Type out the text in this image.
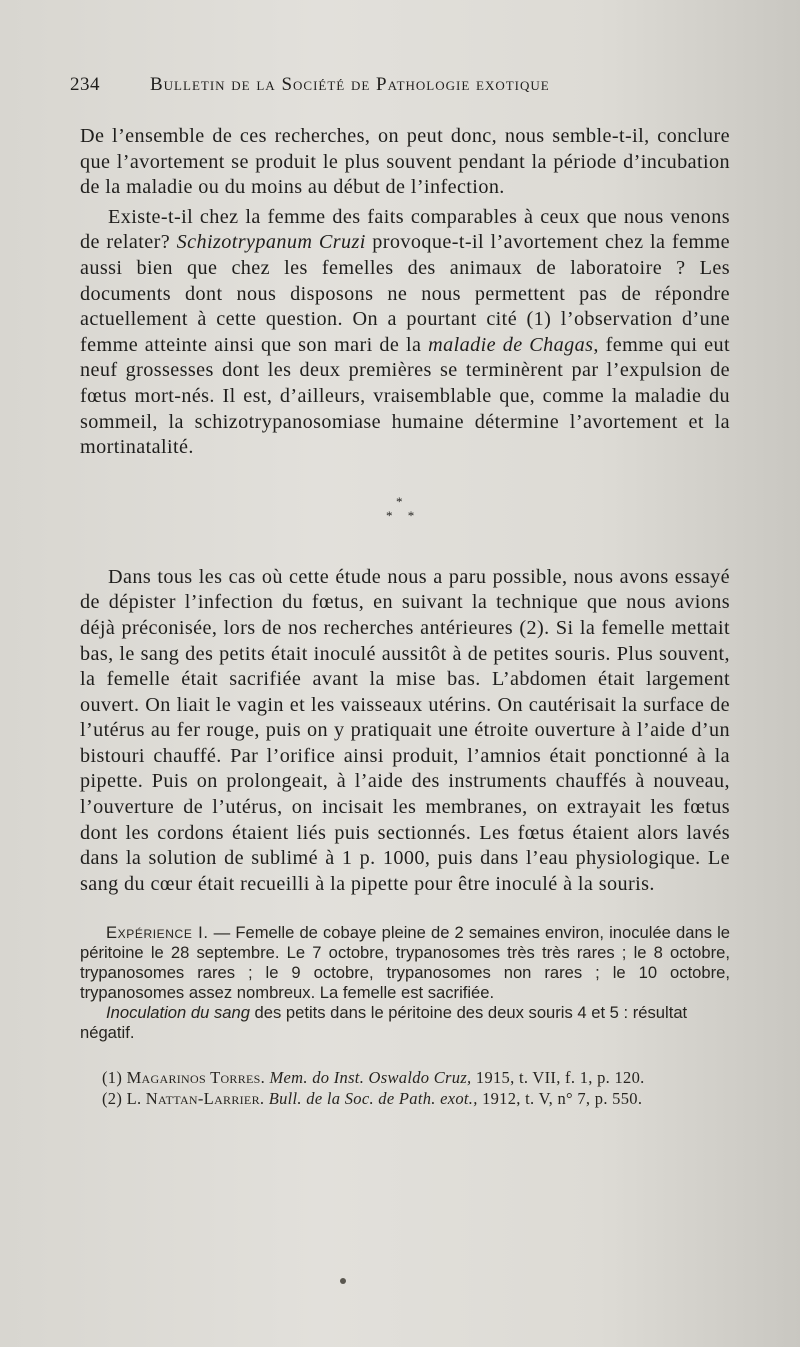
234	Bulletin de la Société de Pathologie exotique

De l’ensemble de ces recherches, on peut donc, nous semble-t-il, conclure que l’avortement se produit le plus souvent pendant la période d’incubation de la maladie ou du moins au début de l’infection.

Existe-t-il chez la femme des faits comparables à ceux que nous venons de relater? Schizotrypanum Cruzi provoque-t-il l’avortement chez la femme aussi bien que chez les femelles des animaux de laboratoire ? Les documents dont nous disposons ne nous permettent pas de répondre actuellement à cette question. On a pourtant cité (1) l’observation d’une femme atteinte ainsi que son mari de la maladie de Chagas, femme qui eut neuf grossesses dont les deux premières se terminèrent par l’expulsion de fœtus mort-nés. Il est, d’ailleurs, vraisemblable que, comme la maladie du sommeil, la schizotrypanosomiase humaine détermine l’avortement et la mortinatalité.

*
* *

Dans tous les cas où cette étude nous a paru possible, nous avons essayé de dépister l’infection du fœtus, en suivant la technique que nous avions déjà préconisée, lors de nos recherches antérieures (2). Si la femelle mettait bas, le sang des petits était inoculé aussitôt à de petites souris. Plus souvent, la femelle était sacrifiée avant la mise bas. L’abdomen était largement ouvert. On liait le vagin et les vaisseaux utérins. On cautérisait la surface de l’utérus au fer rouge, puis on y pratiquait une étroite ouverture à l’aide d’un bistouri chauffé. Par l’orifice ainsi produit, l’amnios était ponctionné à la pipette. Puis on prolongeait, à l’aide des instruments chauffés à nouveau, l’ouverture de l’utérus, on incisait les membranes, on extrayait les fœtus dont les cordons étaient liés puis sectionnés. Les fœtus étaient alors lavés dans la solution de sublimé à 1 p. 1000, puis dans l’eau physiologique. Le sang du cœur était recueilli à la pipette pour être inoculé à la souris.

Expérience I. — Femelle de cobaye pleine de 2 semaines environ, inoculée dans le péritoine le 28 septembre. Le 7 octobre, trypanosomes très très rares ; le 8 octobre, trypanosomes rares ; le 9 octobre, trypanosomes non rares ; le 10 octobre, trypanosomes assez nombreux. La femelle est sacrifiée.

Inoculation du sang des petits dans le péritoine des deux souris 4 et 5 : résultat négatif.

(1) Magarinos Torres. Mem. do Inst. Oswaldo Cruz, 1915, t. VII, f. 1, p. 120.

(2) L. Nattan-Larrier. Bull. de la Soc. de Path. exot., 1912, t. V, n° 7, p. 550.
